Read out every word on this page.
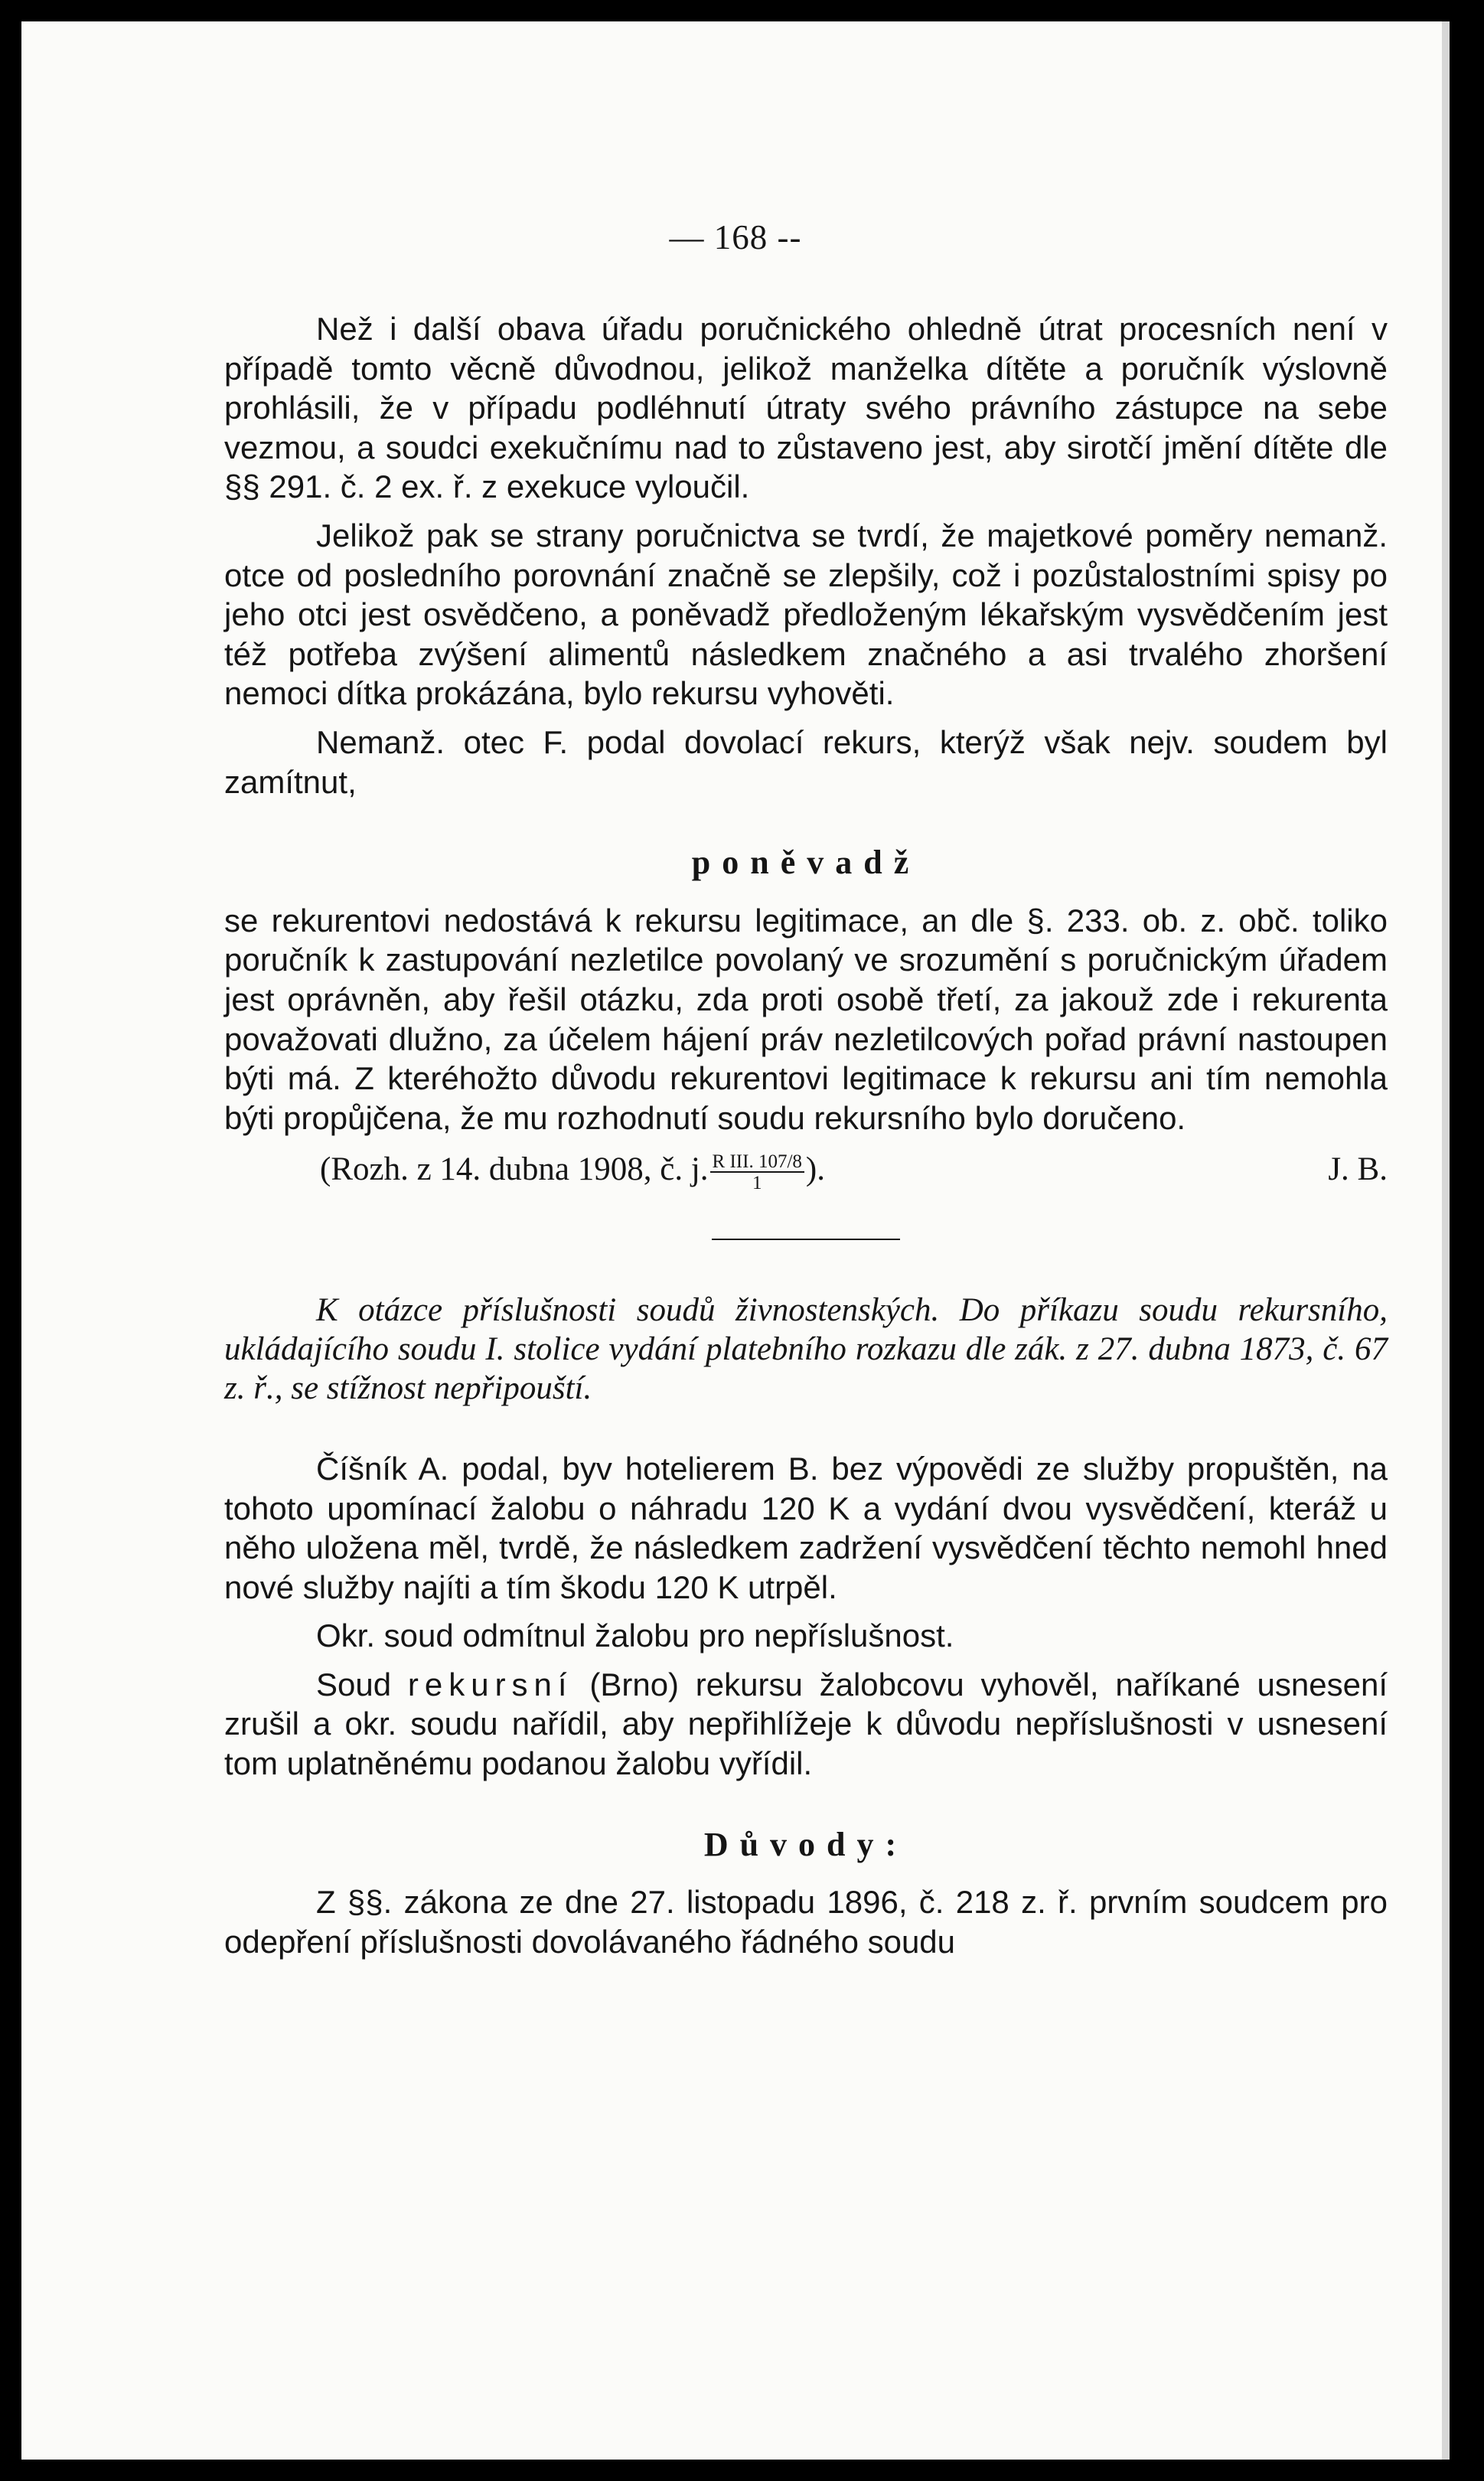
— 168 --

Než i další obava úřadu poručnického ohledně útrat procesních není v případě tomto věcně důvodnou, jelikož manželka dítěte a poručník výslovně prohlásili, že v případu podléhnutí útraty svého právního zástupce na sebe vezmou, a soudci exekučnímu nad to zůstaveno jest, aby sirotčí jmění dítěte dle §§ 291. č. 2 ex. ř. z exekuce vyloučil.

Jelikož pak se strany poručnictva se tvrdí, že majetkové poměry nemanž. otce od posledního porovnání značně se zlepšily, což i pozůstalostními spisy po jeho otci jest osvědčeno, a poněvadž předloženým lékařským vysvědčením jest též potřeba zvýšení alimentů následkem značného a asi trvalého zhoršení nemoci dítka prokázána, bylo rekursu vyhověti.

Nemanž. otec F. podal dovolací rekurs, kterýž však nejv. soudem byl zamítnut,

poněvadž

se rekurentovi nedostává k rekursu legitimace, an dle §. 233. ob. z. obč. toliko poručník k zastupování nezletilce povolaný ve srozumění s poručnickým úřadem jest oprávněn, aby řešil otázku, zda proti osobě třetí, za jakouž zde i rekurenta považovati dlužno, za účelem hájení práv nezletilcových pořad právní nastoupen býti má. Z kteréhožto důvodu rekurentovi legitimace k rekursu ani tím nemohla býti propůjčena, že mu rozhodnutí soudu rekursního bylo doručeno.

(Rozh. z 14. dubna 1908, č. j. $\frac{\text{R III. 107/8}}{1}$ ).	J. B.

K otázce příslušnosti soudů živnostenských. Do příkazu soudu rekursního, ukládajícího soudu I. stolice vydání platebního rozkazu dle zák. z 27. dubna 1873, č. 67 z. ř., se stížnost nepřipouští.

Číšník A. podal, byv hotelierem B. bez výpovědi ze služby propuštěn, na tohoto upomínací žalobu o náhradu 120 K a vydání dvou vysvědčení, kteráž u něho uložena měl, tvrdě, že následkem zadržení vysvědčení těchto nemohl hned nové služby najíti a tím škodu 120 K utrpěl.

Okr. soud odmítnul žalobu pro nepříslušnost.

Soud rekursní (Brno) rekursu žalobcovu vyhověl, naříkané usnesení zrušil a okr. soudu nařídil, aby nepřihlížeje k důvodu nepříslušnosti v usnesení tom uplatněnému podanou žalobu vyřídil.

Důvody:

Z §§. zákona ze dne 27. listopadu 1896, č. 218 z. ř. prvním soudcem pro odepření příslušnosti dovolávaného řádného soudu
